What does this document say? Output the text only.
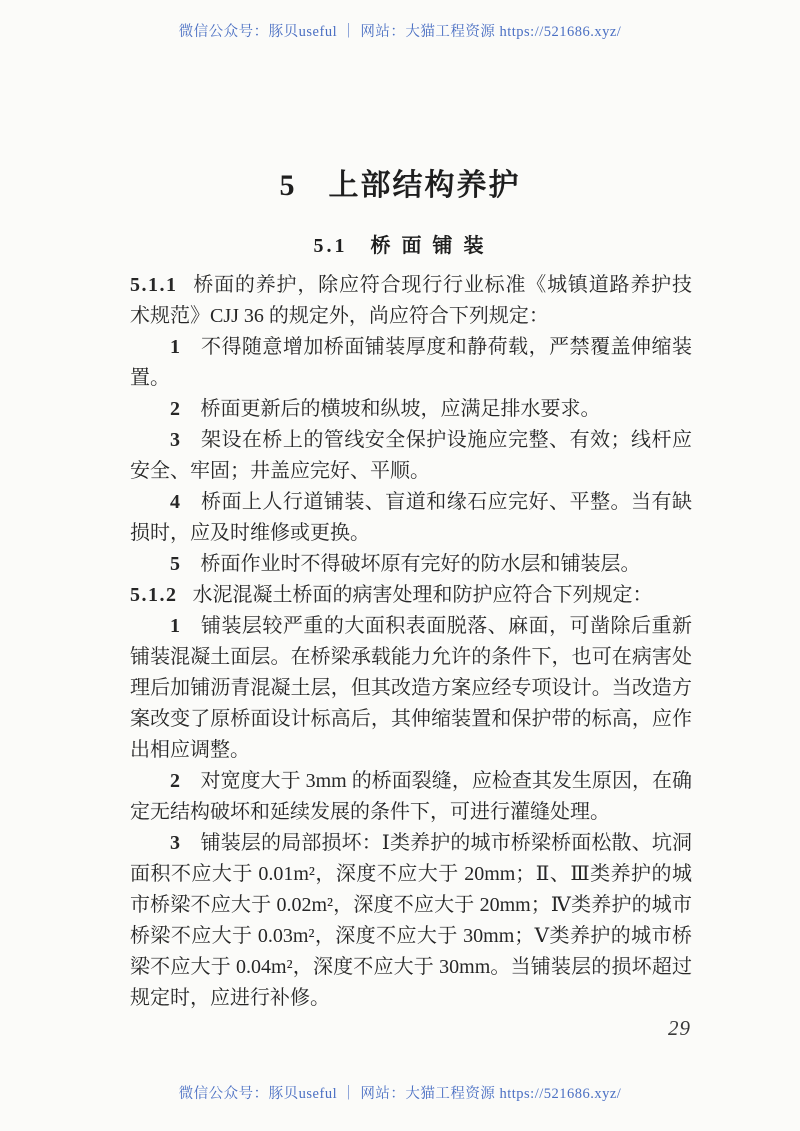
微信公众号：豚贝useful ｜ 网站：大猫工程资源 https://521686.xyz/
5　上部结构养护
5.1　桥 面 铺 装

5.1.1 桥面的养护，除应符合现行行业标准《城镇道路养护技术规范》CJJ 36 的规定外，尚应符合下列规定：

1 不得随意增加桥面铺装厚度和静荷载，严禁覆盖伸缩装置。

2 桥面更新后的横坡和纵坡，应满足排水要求。

3 架设在桥上的管线安全保护设施应完整、有效；线杆应安全、牢固；井盖应完好、平顺。

4 桥面上人行道铺装、盲道和缘石应完好、平整。当有缺损时，应及时维修或更换。

5 桥面作业时不得破坏原有完好的防水层和铺装层。

5.1.2 水泥混凝土桥面的病害处理和防护应符合下列规定：

1 铺装层较严重的大面积表面脱落、麻面，可凿除后重新铺装混凝土面层。在桥梁承载能力允许的条件下，也可在病害处理后加铺沥青混凝土层，但其改造方案应经专项设计。当改造方案改变了原桥面设计标高后，其伸缩装置和保护带的标高，应作出相应调整。

2 对宽度大于 3mm 的桥面裂缝，应检查其发生原因，在确定无结构破坏和延续发展的条件下，可进行灌缝处理。

3 铺装层的局部损坏：Ⅰ类养护的城市桥梁桥面松散、坑洞面积不应大于 0.01m²，深度不应大于 20mm；Ⅱ、Ⅲ类养护的城市桥梁不应大于 0.02m²，深度不应大于 20mm；Ⅳ类养护的城市桥梁不应大于 0.03m²，深度不应大于 30mm；Ⅴ类养护的城市桥梁不应大于 0.04m²，深度不应大于 30mm。当铺装层的损坏超过规定时，应进行补修。

29
微信公众号：豚贝useful ｜ 网站：大猫工程资源 https://521686.xyz/
